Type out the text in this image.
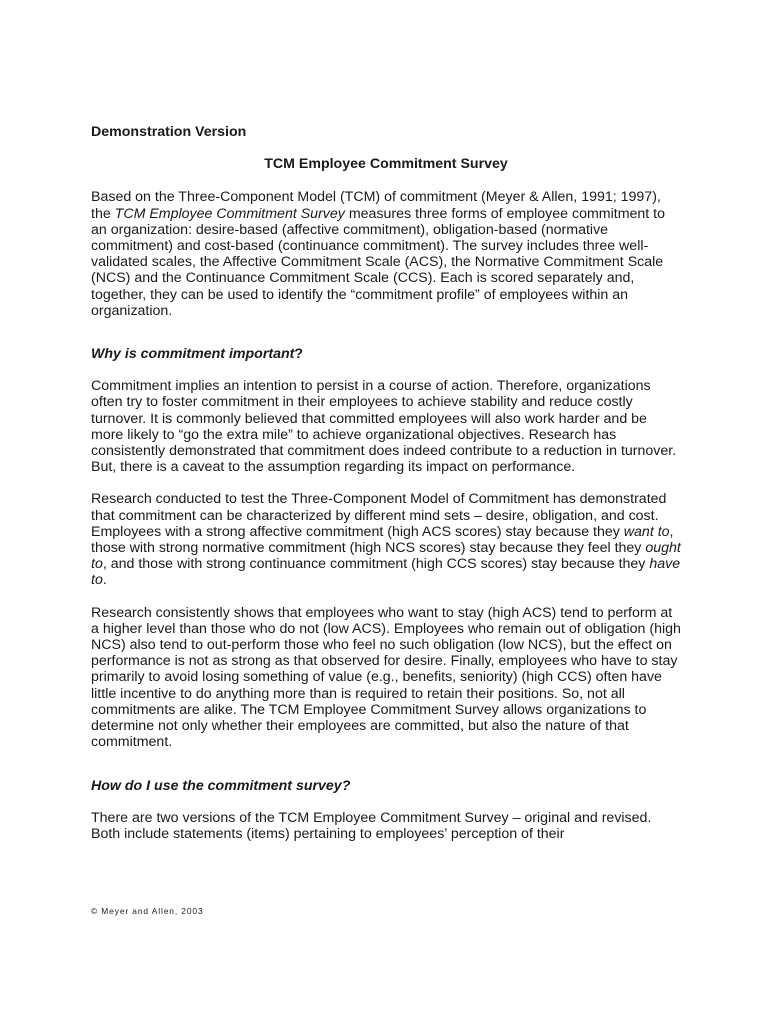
Demonstration Version
TCM Employee Commitment Survey

Based on the Three-Component Model (TCM) of commitment (Meyer & Allen, 1991; 1997), the TCM Employee Commitment Survey measures three forms of employee commitment to an organization: desire-based (affective commitment), obligation-based (normative commitment) and cost-based (continuance commitment). The survey includes three well-validated scales, the Affective Commitment Scale (ACS), the Normative Commitment Scale (NCS) and the Continuance Commitment Scale (CCS). Each is scored separately and, together, they can be used to identify the “commitment profile” of employees within an organization.

Why is commitment important?

Commitment implies an intention to persist in a course of action. Therefore, organizations often try to foster commitment in their employees to achieve stability and reduce costly turnover. It is commonly believed that committed employees will also work harder and be more likely to “go the extra mile” to achieve organizational objectives. Research has consistently demonstrated that commitment does indeed contribute to a reduction in turnover. But, there is a caveat to the assumption regarding its impact on performance.

Research conducted to test the Three-Component Model of Commitment has demonstrated that commitment can be characterized by different mind sets – desire, obligation, and cost. Employees with a strong affective commitment (high ACS scores) stay because they want to, those with strong normative commitment (high NCS scores) stay because they feel they ought to, and those with strong continuance commitment (high CCS scores) stay because they have to.

Research consistently shows that employees who want to stay (high ACS) tend to perform at a higher level than those who do not (low ACS). Employees who remain out of obligation (high NCS) also tend to out-perform those who feel no such obligation (low NCS), but the effect on performance is not as strong as that observed for desire. Finally, employees who have to stay primarily to avoid losing something of value (e.g., benefits, seniority) (high CCS) often have little incentive to do anything more than is required to retain their positions. So, not all commitments are alike. The TCM Employee Commitment Survey allows organizations to determine not only whether their employees are committed, but also the nature of that commitment.

How do I use the commitment survey?

There are two versions of the TCM Employee Commitment Survey – original and revised. Both include statements (items) pertaining to employees’ perception of their

© Meyer and Allen, 2003
